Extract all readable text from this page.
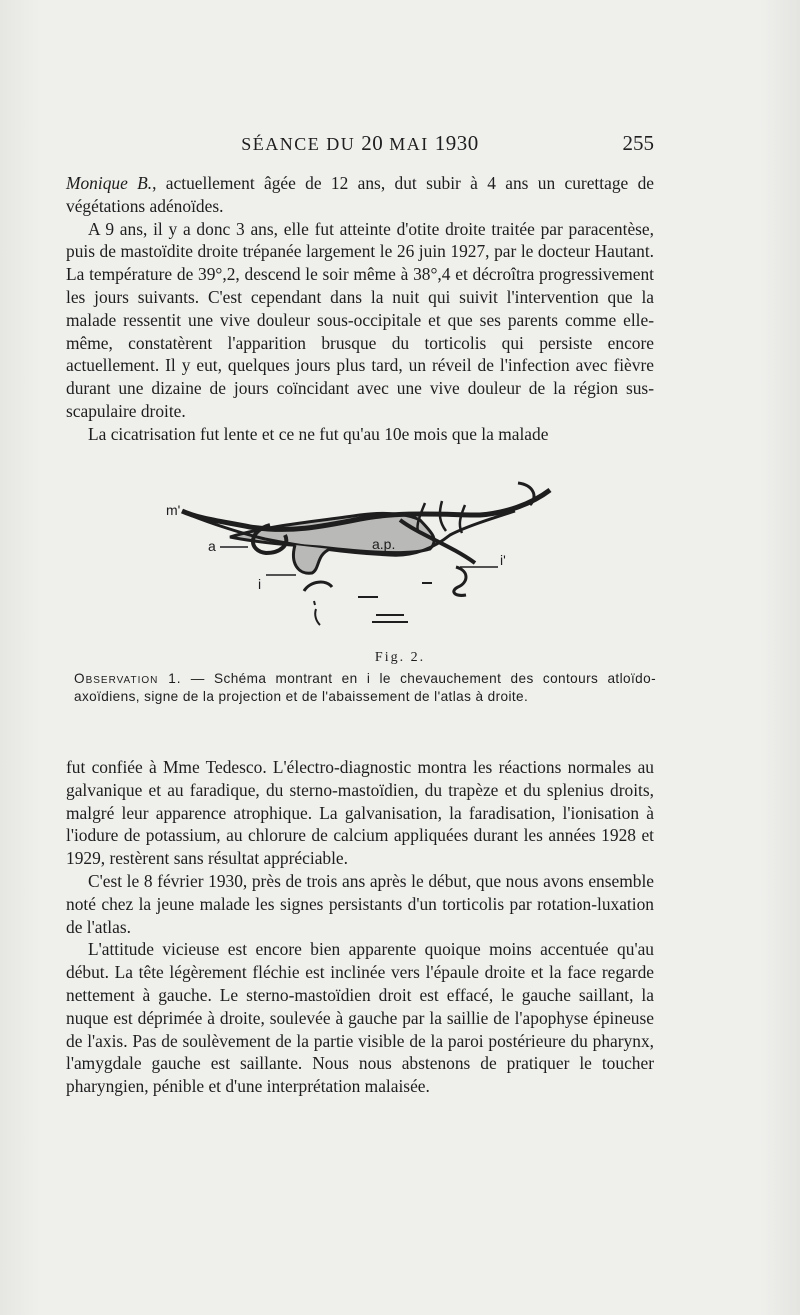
SÉANCE DU 20 MAI 1930	255

Monique B., actuellement âgée de 12 ans, dut subir à 4 ans un curettage de végétations adénoïdes.

A 9 ans, il y a donc 3 ans, elle fut atteinte d'otite droite traitée par paracentèse, puis de mastoïdite droite trépanée largement le 26 juin 1927, par le docteur Hautant. La température de 39°,2, descend le soir même à 38°,4 et décroîtra progressivement les jours suivants. C'est cependant dans la nuit qui suivit l'intervention que la malade ressentit une vive douleur sous-occipitale et que ses parents comme elle-même, constatèrent l'apparition brusque du torticolis qui persiste encore actuellement. Il y eut, quelques jours plus tard, un réveil de l'infection avec fièvre durant une dizaine de jours coïncidant avec une vive douleur de la région sus-scapulaire droite.

La cicatrisation fut lente et ce ne fut qu'au 10e mois que la malade

m'
a	a.p.
i
i'
Fig. 2.
Observation 1. — Schéma montrant en i le chevauchement des contours atloïdo-axoïdiens, signe de la projection et de l'abaissement de l'atlas à droite.

fut confiée à Mme Tedesco. L'électro-diagnostic montra les réactions normales au galvanique et au faradique, du sterno-mastoïdien, du trapèze et du splenius droits, malgré leur apparence atrophique. La galvanisation, la faradisation, l'ionisation à l'iodure de potassium, au chlorure de calcium appliquées durant les années 1928 et 1929, restèrent sans résultat appréciable.

C'est le 8 février 1930, près de trois ans après le début, que nous avons ensemble noté chez la jeune malade les signes persistants d'un torticolis par rotation-luxation de l'atlas.

L'attitude vicieuse est encore bien apparente quoique moins accentuée qu'au début. La tête légèrement fléchie est inclinée vers l'épaule droite et la face regarde nettement à gauche. Le sterno-mastoïdien droit est effacé, le gauche saillant, la nuque est déprimée à droite, soulevée à gauche par la saillie de l'apophyse épineuse de l'axis. Pas de soulèvement de la partie visible de la paroi postérieure du pharynx, l'amygdale gauche est saillante. Nous nous abstenons de pratiquer le toucher pharyngien, pénible et d'une interprétation malaisée.
